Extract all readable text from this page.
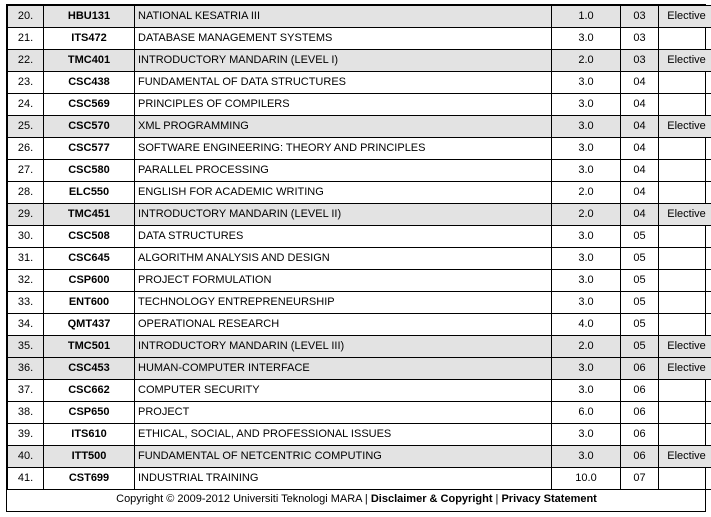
20.	HBU131	NATIONAL KESATRIA III	1.0	03	Elective
21.	ITS472	DATABASE MANAGEMENT SYSTEMS	3.0	03	
22.	TMC401	INTRODUCTORY MANDARIN (LEVEL I)	2.0	03	Elective
23.	CSC438	FUNDAMENTAL OF DATA STRUCTURES	3.0	04	
24.	CSC569	PRINCIPLES OF COMPILERS	3.0	04	
25.	CSC570	XML PROGRAMMING	3.0	04	Elective
26.	CSC577	SOFTWARE ENGINEERING: THEORY AND PRINCIPLES	3.0	04	
27.	CSC580	PARALLEL PROCESSING	3.0	04	
28.	ELC550	ENGLISH FOR ACADEMIC WRITING	2.0	04	
29.	TMC451	INTRODUCTORY MANDARIN (LEVEL II)	2.0	04	Elective
30.	CSC508	DATA STRUCTURES	3.0	05	
31.	CSC645	ALGORITHM ANALYSIS AND DESIGN	3.0	05	
32.	CSP600	PROJECT FORMULATION	3.0	05	
33.	ENT600	TECHNOLOGY ENTREPRENEURSHIP	3.0	05	
34.	QMT437	OPERATIONAL RESEARCH	4.0	05	
35.	TMC501	INTRODUCTORY MANDARIN (LEVEL III)	2.0	05	Elective
36.	CSC453	HUMAN-COMPUTER INTERFACE	3.0	06	Elective
37.	CSC662	COMPUTER SECURITY	3.0	06	
38.	CSP650	PROJECT	6.0	06	
39.	ITS610	ETHICAL, SOCIAL, AND PROFESSIONAL ISSUES	3.0	06	
40.	ITT500	FUNDAMENTAL OF NETCENTRIC COMPUTING	3.0	06	Elective
41.	CST699	INDUSTRIAL TRAINING	10.0	07	
Copyright © 2009-2012 Universiti Teknologi MARA | Disclaimer & Copyright | Privacy Statement
